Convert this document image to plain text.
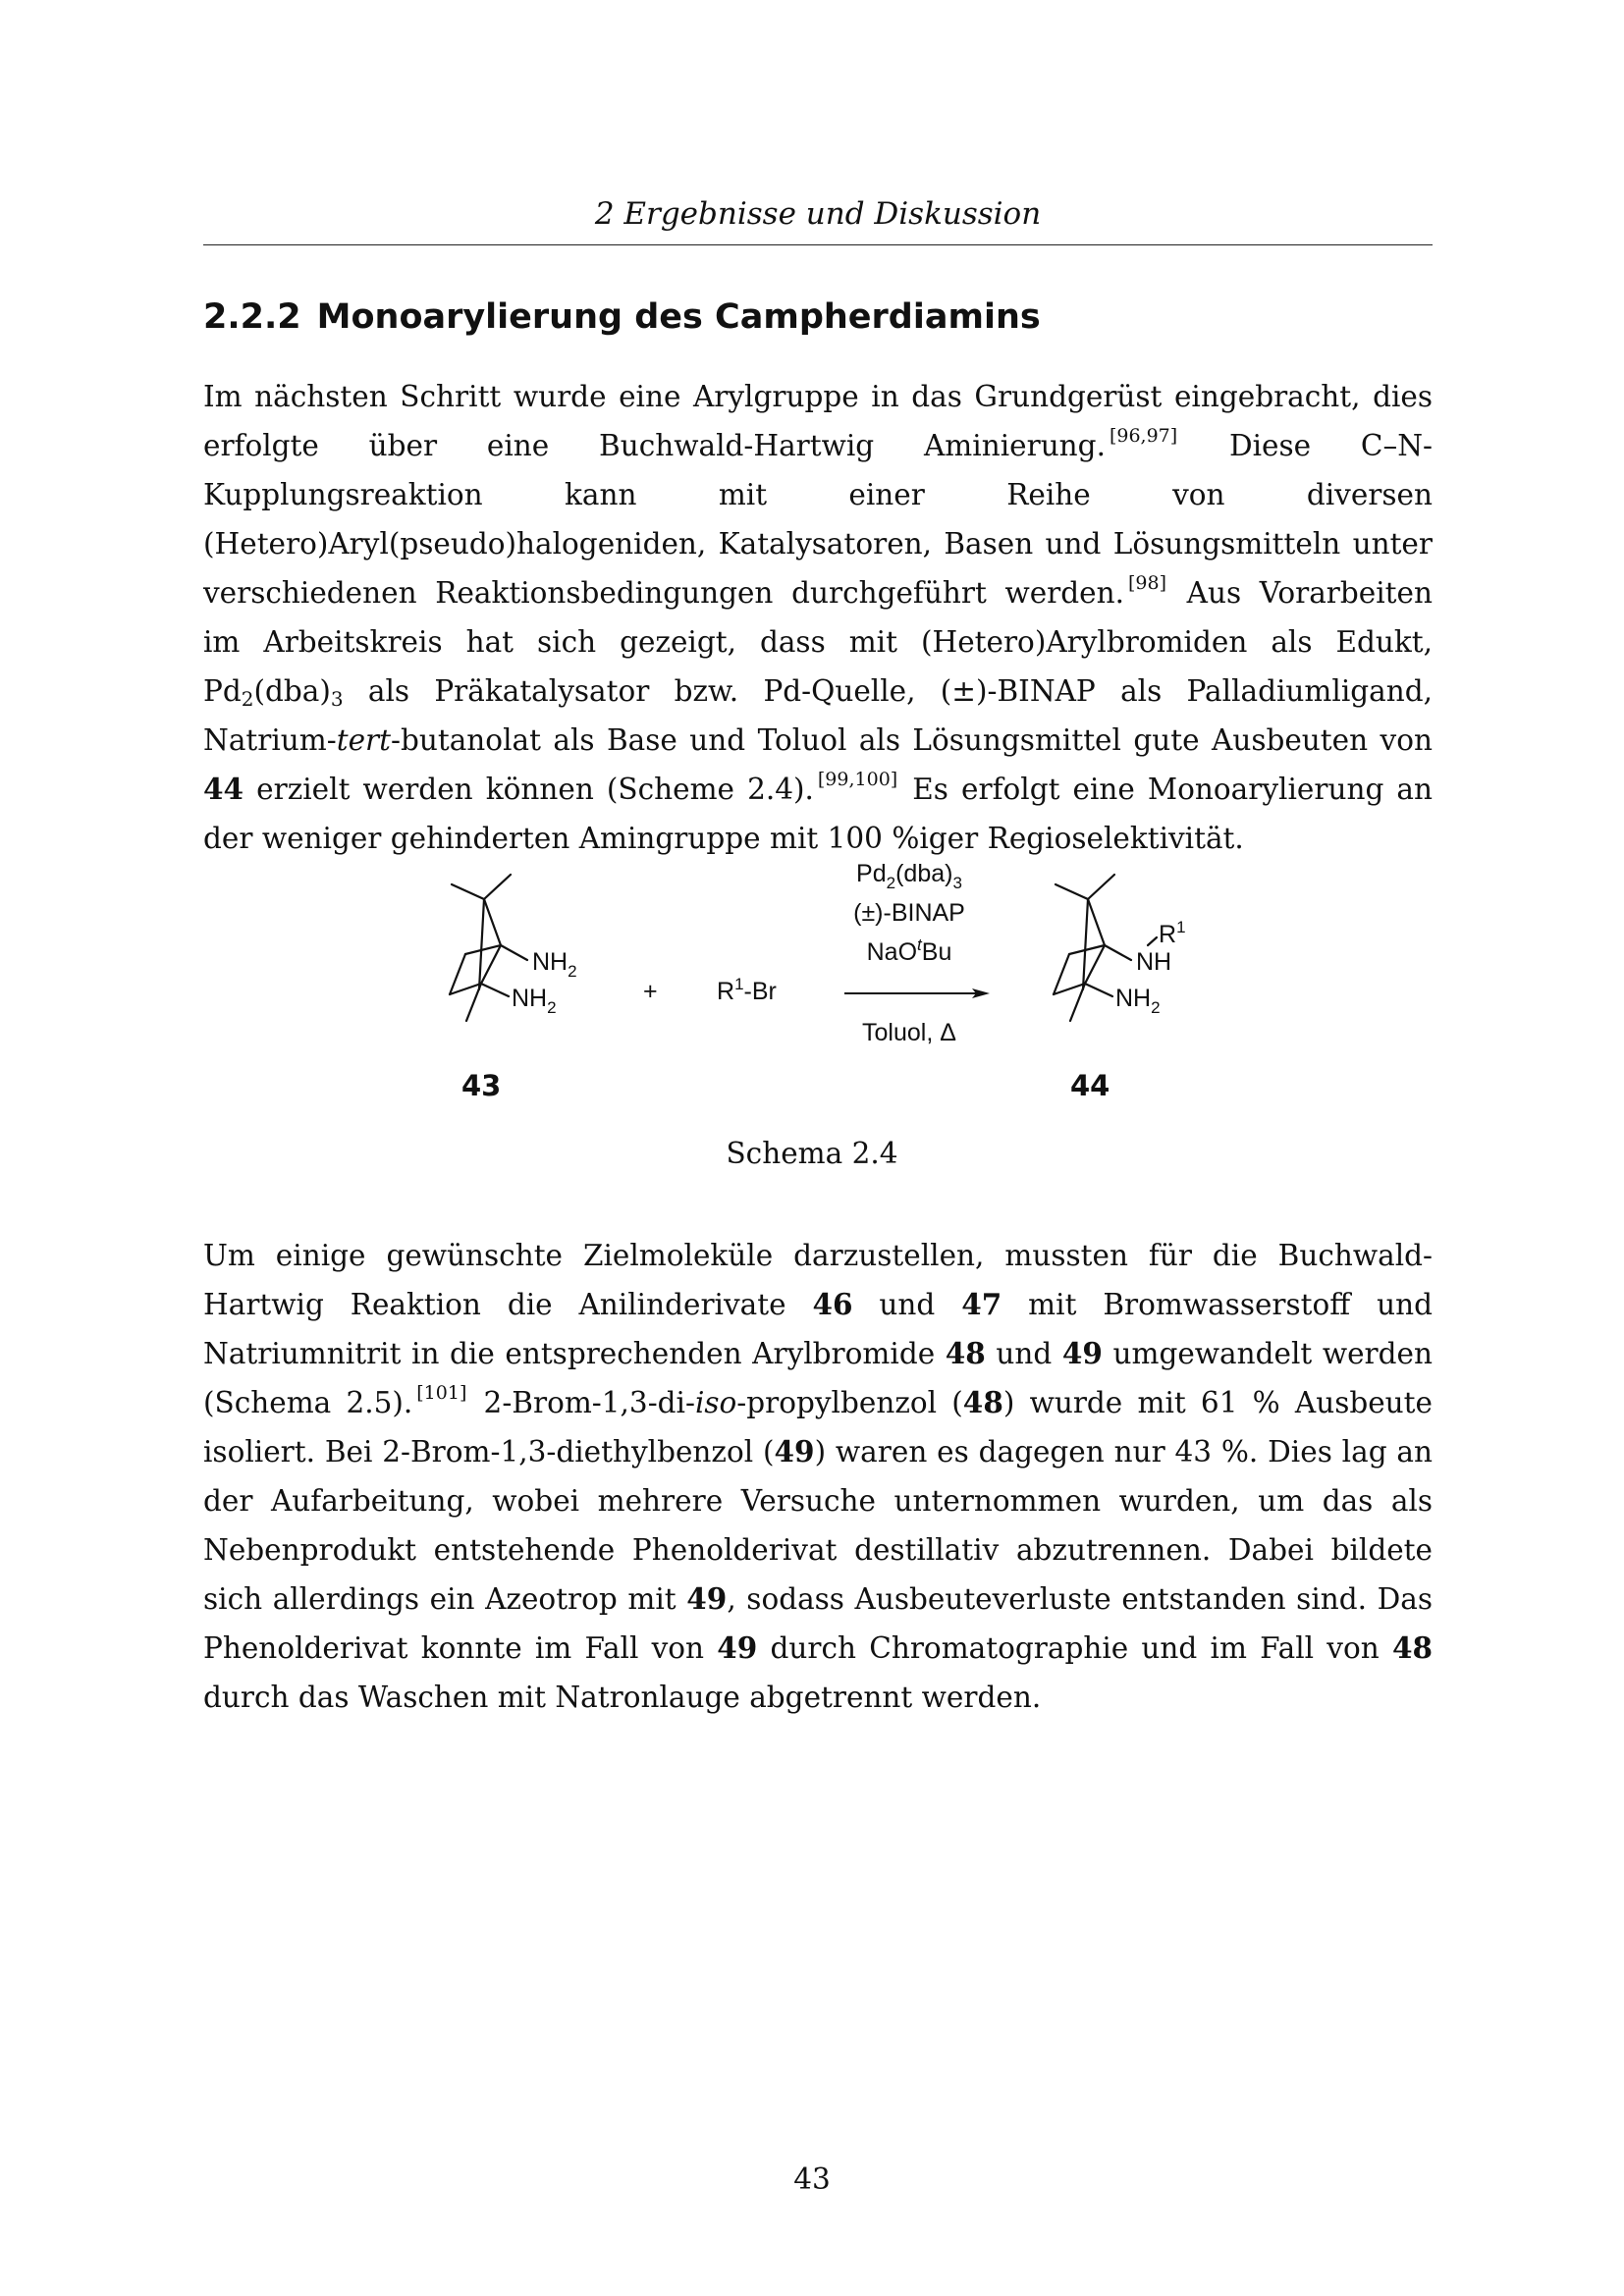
2 Ergebnisse und Diskussion
2.2.2 Monoarylierung des Campherdiamins

Im nächsten Schritt wurde eine Arylgruppe in das Grundgerüst eingebracht, dies erfolgte über eine Buchwald-Hartwig Aminierung. [96,97] Diese C–N-Kupplungsreaktion kann mit einer Reihe von diversen (Hetero)Aryl(pseudo)halogeniden, Katalysatoren, Basen und Lösungsmitteln unter verschiedenen Reaktionsbedingungen durchgeführt werden. [98] Aus Vorarbeiten im Arbeitskreis hat sich gezeigt, dass mit (Hetero)Arylbromiden als Edukt, $Pd_2(dba)_3$ als Präkatalysator bzw. Pd-Quelle, (±)-BINAP als Palladiumligand, Natrium-tert-butanolat als Base und Toluol als Lösungsmittel gute Ausbeuten von 44 erzielt werden können (Scheme 2.4). [99,100] Es erfolgt eine Monoarylierung an der weniger gehinderten Amingruppe mit 100 %iger Regioselektivität.

$NH_2$
$NH_2$
43
+ $R^1-Br$
$Pd_2(dba)_3$
(±)-BINAP
NaO$^t$Bu
Toluol, Δ
$R^1$
NH
$NH_2$
44
Schema 2.4

Um einige gewünschte Zielmoleküle darzustellen, mussten für die Buchwald-Hartwig Reaktion die Anilinderivate 46 und 47 mit Bromwasserstoff und Natriumnitrit in die entsprechenden Arylbromide 48 und 49 umgewandelt werden (Schema 2.5). [101] 2-Brom-1,3-di-iso-propylbenzol (48) wurde mit 61 % Ausbeute isoliert. Bei 2-Brom-1,3-diethylbenzol (49) waren es dagegen nur 43 %. Dies lag an der Aufarbeitung, wobei mehrere Versuche unternommen wurden, um das als Nebenprodukt entstehende Phenolderivat destillativ abzutrennen. Dabei bildete sich allerdings ein Azeotrop mit 49, sodass Ausbeuteverluste entstanden sind. Das Phenolderivat konnte im Fall von 49 durch Chromatographie und im Fall von 48 durch das Waschen mit Natronlauge abgetrennt werden.

43
